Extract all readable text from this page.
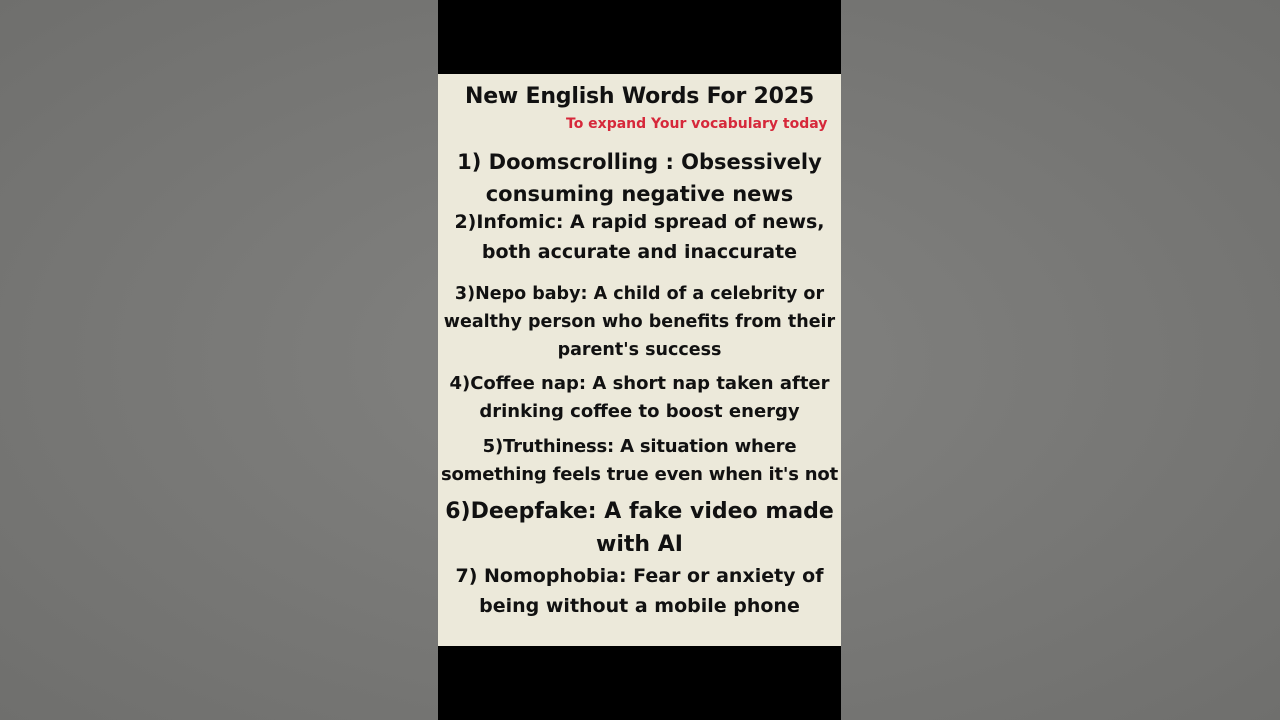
New English Words For 2025
To expand Your vocabulary today
1) Doomscrolling : Obsessively consuming negative news
2)Infomic: A rapid spread of news, both accurate and inaccurate
3)Nepo baby: A child of a celebrity or wealthy person who benefits from their parent's success
4)Coffee nap: A short nap taken after drinking coffee to boost energy
5)Truthiness: A situation where something feels true even when it's not
6)Deepfake: A fake video made with AI
7) Nomophobia: Fear or anxiety of being without a mobile phone
